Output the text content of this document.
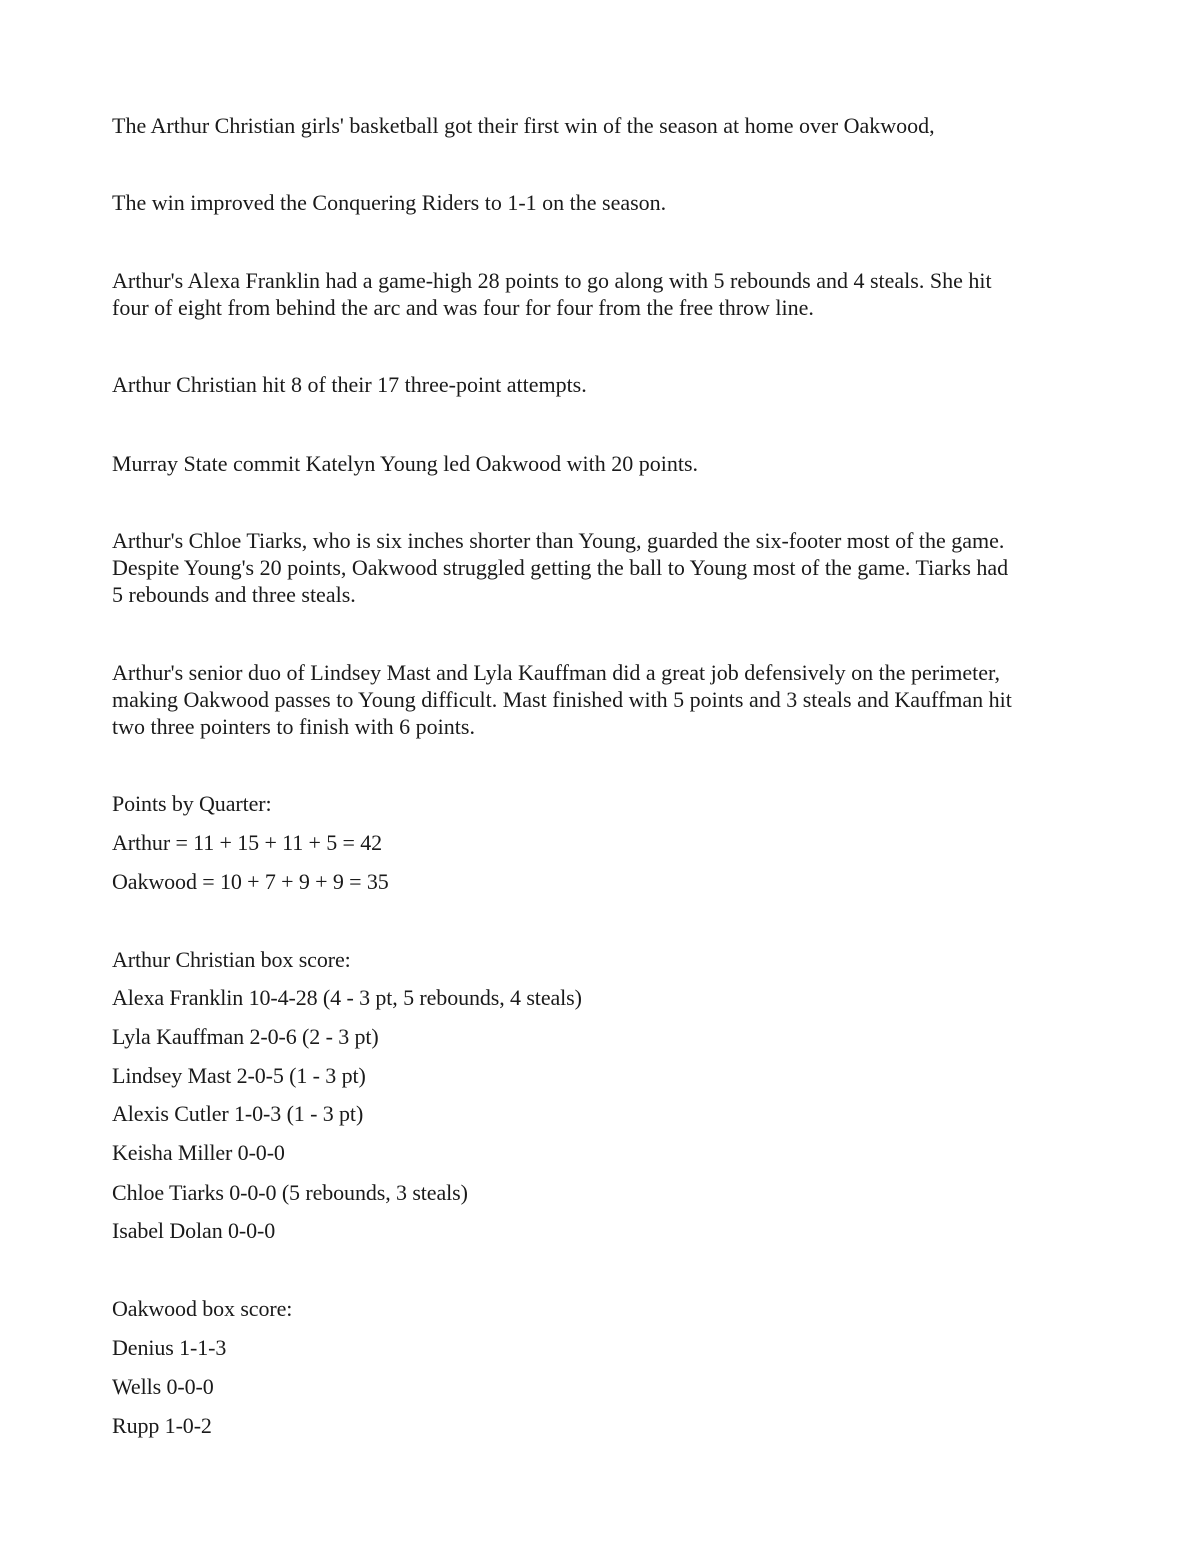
The Arthur Christian girls' basketball got their first win of the season at home over Oakwood,
The win improved the Conquering Riders to 1-1 on the season.
Arthur's Alexa Franklin had a game-high 28 points to go along with 5 rebounds and 4 steals. She hit
four of eight from behind the arc and was four for four from the free throw line.
Arthur Christian hit 8 of their 17 three-point attempts.
Murray State commit Katelyn Young led Oakwood with 20 points.
Arthur's Chloe Tiarks, who is six inches shorter than Young, guarded the six-footer most of the game.
Despite Young's 20 points, Oakwood struggled getting the ball to Young most of the game. Tiarks had
5 rebounds and three steals.
Arthur's senior duo of Lindsey Mast and Lyla Kauffman did a great job defensively on the perimeter,
making Oakwood passes to Young difficult. Mast finished with 5 points and 3 steals and Kauffman hit
two three pointers to finish with 6 points.
Points by Quarter:
Arthur = 11 + 15 + 11 + 5 = 42
Oakwood = 10 + 7 + 9 + 9 = 35
Arthur Christian box score:
Alexa Franklin 10-4-28 (4 - 3 pt, 5 rebounds, 4 steals)
Lyla Kauffman 2-0-6 (2 - 3 pt)
Lindsey Mast 2-0-5 (1 - 3 pt)
Alexis Cutler 1-0-3 (1 - 3 pt)
Keisha Miller 0-0-0
Chloe Tiarks 0-0-0 (5 rebounds, 3 steals)
Isabel Dolan 0-0-0
Oakwood box score:
Denius 1-1-3
Wells 0-0-0
Rupp 1-0-2
